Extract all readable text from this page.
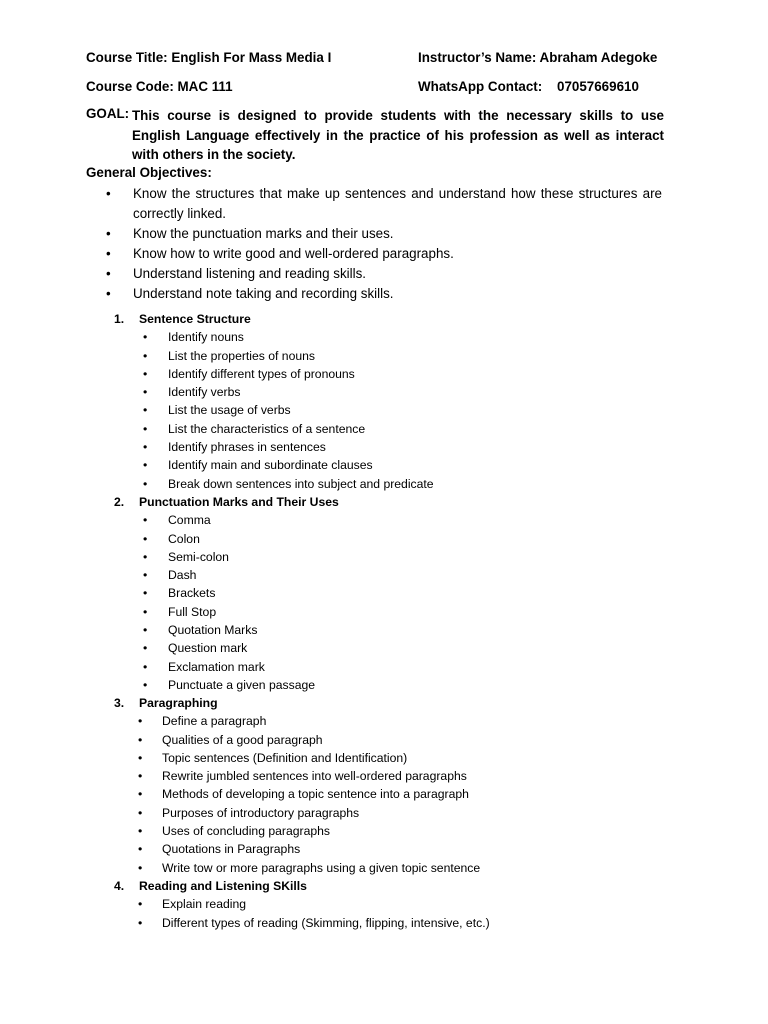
Course Title: English For Mass Media I	Instructor’s Name: Abraham Adegoke
Course Code: MAC 111	WhatsApp Contact: 07057669610
GOAL: This course is designed to provide students with the necessary skills to use English Language effectively in the practice of his profession as well as interact with others in the society.
General Objectives:
• Know the structures that make up sentences and understand how these structures are correctly linked.
• Know the punctuation marks and their uses.
• Know how to write good and well-ordered paragraphs.
• Understand listening and reading skills.
• Understand note taking and recording skills.
1. Sentence Structure
• Identify nouns
• List the properties of nouns
• Identify different types of pronouns
• Identify verbs
• List the usage of verbs
• List the characteristics of a sentence
• Identify phrases in sentences
• Identify main and subordinate clauses
• Break down sentences into subject and predicate
2. Punctuation Marks and Their Uses
• Comma
• Colon
• Semi-colon
• Dash
• Brackets
• Full Stop
• Quotation Marks
• Question mark
• Exclamation mark
• Punctuate a given passage
3. Paragraphing
• Define a paragraph
• Qualities of a good paragraph
• Topic sentences (Definition and Identification)
• Rewrite jumbled sentences into well-ordered paragraphs
• Methods of developing a topic sentence into a paragraph
• Purposes of introductory paragraphs
• Uses of concluding paragraphs
• Quotations in Paragraphs
• Write tow or more paragraphs using a given topic sentence
4. Reading and Listening SKills
• Explain reading
• Different types of reading (Skimming, flipping, intensive, etc.)
